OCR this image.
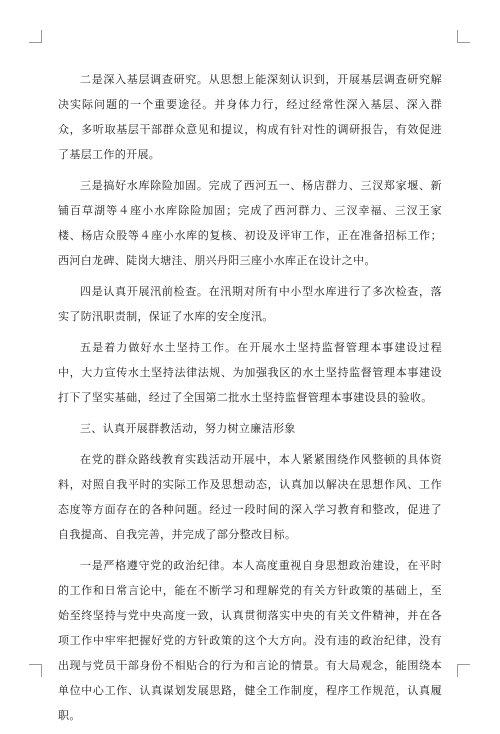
二是深入基层调查研究。从思想上能深刻认识到，开展基层调查研究解决实际问题的一个重要途径。并身体力行，经过经常性深入基层、深入群众，多听取基层干部群众意见和提议，构成有针对性的调研报告，有效促进了基层工作的开展。

三是搞好水库除险加固。完成了西河五一、杨店群力、三汊郑家堰、新铺百草湖等４座小水库除险加固；完成了西河群力、三汊幸福、三汊王家楼、杨店众股等４座小水库的复核、初设及评审工作，正在准备招标工作；西河白龙碑、陡岗大塘洼、朋兴丹阳三座小水库正在设计之中。

四是认真开展汛前检查。在汛期对所有中小型水库进行了多次检查，落实了防汛职责制，保证了水库的安全度汛。

五是着力做好水土坚持工作。在开展水土坚持监督管理本事建设过程中，大力宣传水土坚持法律法规、为加强我区的水土坚持监督管理本事建设打下了坚实基础，经过了全国第二批水土坚持监督管理本事建设县的验收。

三、认真开展群教活动，努力树立廉洁形象

在党的群众路线教育实践活动开展中，本人紧紧围绕作风整顿的具体资料，对照自我平时的实际工作及思想动态，认真加以解决在思想作风、工作态度等方面存在的各种问题。经过一段时间的深入学习教育和整改，促进了自我提高、自我完善，并完成了部分整改目标。

一是严格遵守党的政治纪律。本人高度重视自身思想政治建设，在平时的工作和日常言论中，能在不断学习和理解党的有关方针政策的基础上，至始至终坚持与党中央高度一致，认真贯彻落实中央的有关文件精神，并在各项工作中牢牢把握好党的方针政策的这个大方向。没有违的政治纪律，没有出现与党员干部身份不相贴合的行为和言论的情景。有大局观念，能围绕本单位中心工作、认真谋划发展思路，健全工作制度，程序工作规范，认真履职。
